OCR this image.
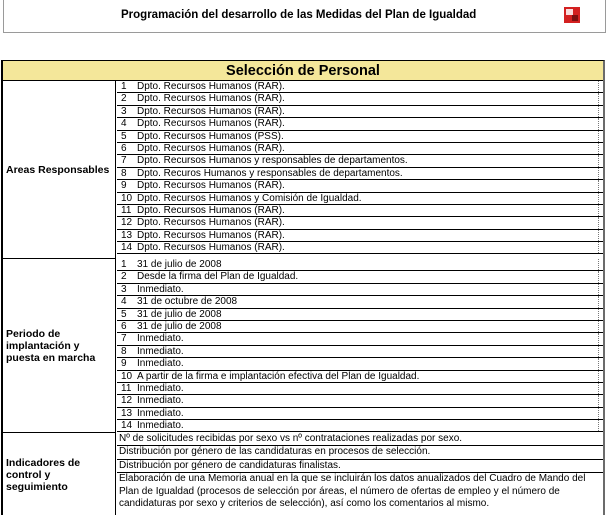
Programación del desarrollo de las Medidas del Plan de Igualdad
Selección de Personal
Areas Responsables
1	Dpto. Recursos Humanos (RAR).
2	Dpto. Recursos Humanos (RAR).
3	Dpto. Recursos Humanos (RAR).
4	Dpto. Recursos Humanos (RAR).
5	Dpto. Recursos Humanos (PSS).
6	Dpto. Recursos Humanos (RAR).
7	Dpto. Recursos Humanos y responsables de departamentos.
8	Dpto. Recuros Humanos y responsables de departamentos.
9	Dpto. Recursos Humanos (RAR).
10 Dpto. Recursos Humanos y Comisión de Igualdad.
11 Dpto. Recursos Humanos (RAR).
12 Dpto. Recursos Humanos (RAR).
13 Dpto. Recursos Humanos (RAR).
14 Dpto. Recursos Humanos (RAR).
Periodo de implantación y puesta en marcha
1	31 de julio de 2008
2	Desde la firma del Plan de Igualdad.
3	Inmediato.
4	31 de octubre de 2008
5	31 de julio de 2008
6	31 de julio de 2008
7	Inmediato.
8	Inmediato.
9	Inmediato.
10 A partir de la firma e implantación efectiva del Plan de Igualdad.
11 Inmediato.
12 Inmediato.
13 Inmediato.
14 Inmediato.
Indicadores de control y seguimiento
Nº de solicitudes recibidas por sexo vs nº contrataciones realizadas por sexo.
Distribución por género de las candidaturas en procesos de selección.
Distribución por género de candidaturas finalistas.
Elaboración de una Memoria anual en la que se incluirán los datos anualizados del Cuadro de Mando del Plan de Igualdad (procesos de selección por áreas, el número de ofertas de empleo y el número de candidaturas por sexo y criterios de selección), así como los comentarios al mismo.
